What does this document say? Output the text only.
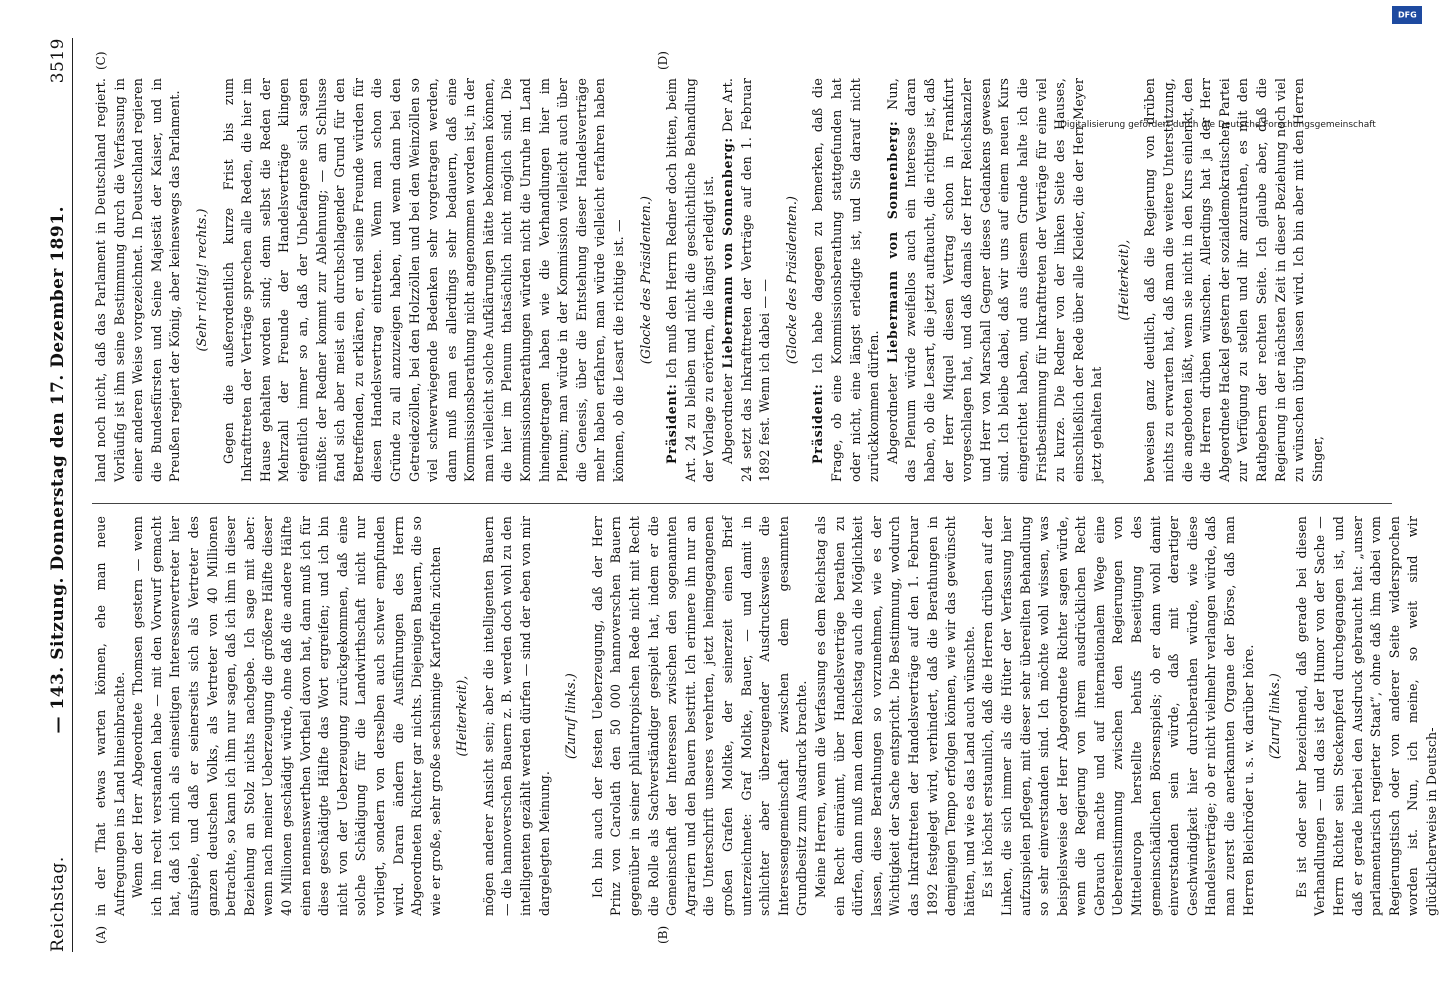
Reichstag.
— 143. Sitzung. Donnerstag den 17. Dezember 1891.
3519
(A)	(B)
(C)	(D)

in der That etwas warten können, ehe man neue Aufregungen ins Land hineinbrachte. Wenn der Herr Abgeordnete Thomsen gestern — wenn ich ihn recht verstanden habe — mit den Vorwurf gemacht hat, daß ich mich als einseitigen Interessenvertreter hier aufspiele, und daß er seinerseits sich als Vertreter des ganzen deutschen Volks, als Vertreter von 40 Millionen betrachte, so kann ich ihm nur sagen, daß ich ihm in dieser Beziehung an Stolz nichts nachgebe. Ich sage mit aber: wenn nach meiner Ueberzeugung die größere Hälfte dieser 40 Millionen geschädigt würde, ohne daß die andere Hälfte einen nennenswerthen Vortheil davon hat, dann muß ich für diese geschädigte Hälfte das Wort ergreifen; und ich bin nicht von der Ueberzeugung zurückgekommen, daß eine solche Schädigung für die Landwirthschaft nicht nur vorliegt, sondern von derselben auch schwer empfunden wird. Daran ändern die Ausführungen des Herrn Abgeordneten Richter gar nichts. Diejenigen Bauern, die so wie er große, sehr große sechsinnige Kartoffeln züchten (Heiterkeit), mögen anderer Ansicht sein; aber die intelligenten Bauern — die hannoverschen Bauern z. B. werden doch wohl zu den intelligenten gezählt werden dürfen — sind der eben von mir dargelegten Meinung.

(Zuruf links.) Ich bin auch der festen Ueberzeugung, daß der Herr Prinz von Carolath den 50 000 hannoverschen Bauern gegenüber in seiner philantropischen Rede nicht mit Recht die Rolle als Sachverständiger gespielt hat, indem er die Gemeinschaft der Interessen zwischen den sogenannten Agrariern und den Bauern bestritt. Ich erinnere ihn nur an die Unterschrift unseres verehrten, jetzt heimgegangenen großen Grafen Moltke, der seinerzeit einen Brief unterzeichnete: Graf Moltke, Bauer, — und damit in schlichter aber überzeugender Ausdrucksweise die Interessengemeinschaft zwischen dem gesammten Grundbesitz zum Ausdruck brachte. Meine Herren, wenn die Verfassung es dem Reichstag als ein Recht einräumt, über Handelsverträge berathen zu dürfen, dann muß man dem Reichstag auch die Möglichkeit lassen, diese Berathungen so vorzunehmen, wie es der Wichtigkeit der Sache entspricht. Die Bestimmung, wodurch das Inkrafttreten der Handelsverträge auf den 1. Februar 1892 festgelegt wird, verhindert, daß die Berathungen in demjenigen Tempo erfolgen können, wie wir das gewünscht hätten, und wie es das Land auch wünschte. Es ist höchst erstaunlich, daß die Herren drüben auf der Linken, die sich immer als die Hüter der Verfassung hier aufzuspielen pflegen, mit dieser sehr übereilten Behandlung so sehr einverstanden sind. Ich möchte wohl wissen, was beispielsweise der Herr Abgeordnete Richter sagen würde, wenn die Regierung von ihrem ausdrücklichen Recht Gebrauch machte und auf internationalem Wege eine Uebereinstimmung zwischen den Regierungen von Mitteleuropa herstellte behufs Beseitigung des gemeinschädlichen Börsenspiels; ob er dann wohl damit einverstanden sein würde, daß mit derartiger Geschwindigkeit hier durchberathen würde, wie diese Handelsverträge; ob er nicht vielmehr verlangen würde, daß man zuerst die anerkannten Organe der Börse, daß man Herren Bleichröder u. s. w. darüber höre. (Zuruf links.) Es ist oder sehr bezeichnend, daß gerade bei diesen Verhandlungen — und das ist der Humor von der Sache — Herrn Richter sein Steckenpferd durchgegangen ist, und daß er gerade hierbei den Ausdruck gebraucht hat: „unser parlamentarisch regierter Staat“, ohne daß ihm dabei vom Regierungstisch oder von anderer Seite widersprochen worden ist. Nun, ich meine, so weit sind wir glücklicherweise in Deutsch-

land noch nicht, daß das Parlament in Deutschland regiert. Vorläufig ist ihm seine Bestimmung durch die Verfassung in einer anderen Weise vorgezeichnet. In Deutschland regieren die Bundesfürsten und Seine Majestät der Kaiser, und in Preußen regiert der König, aber keineswegs das Parlament. (Sehr richtig! rechts.) Gegen die außerordentlich kurze Frist bis zum Inkrafttreten der Verträge sprechen alle Reden, die hier im Hause gehalten worden sind; denn selbst die Reden der Mehrzahl der Freunde der Handelsverträge klingen eigentlich immer so an, daß der Unbefangene sich sagen müßte: der Redner kommt zur Ablehnung; — am Schlusse fand sich aber meist ein durchschlagender Grund für den Betreffenden, zu erklären, er und seine Freunde würden für diesen Handelsvertrag eintreten. Wenn man schon die Gründe zu all anzuzeigen haben, und wenn dann bei den Getreidezöllen, bei den Holzzöllen und bei den Weinzöllen so viel schwerwiegende Bedenken sehr vorgetragen werden, dann muß man es allerdings sehr bedauern, daß eine Kommissionsberathung nicht angenommen worden ist, in der man vielleicht solche Aufklärungen hätte bekommen können, die hier im Plenum thatsächlich nicht möglich sind. Die Kommissionsberathungen würden nicht die Unruhe im Land hineingetragen haben wie die Verhandlungen hier im Plenum; man würde in der Kommission vielleicht auch über die Genesis, über die Entstehung dieser Handelsverträge mehr haben erfahren, man würde vielleicht erfahren haben können, ob die Lesart die richtige ist. — (Glocke des Präsidenten.)

Präsident: Ich muß den Herrn Redner doch bitten, beim Art. 24 zu bleiben und nicht die geschichtliche Behandlung der Vorlage zu erörtern, die längst erledigt ist. Abgeordneter Liebermann von Sonnenberg: Der Art. 24 setzt das Inkrafttreten der Verträge auf den 1. Februar 1892 fest. Wenn ich dabei — — (Glocke des Präsidenten.)

Präsident: Ich habe dagegen zu bemerken, daß die Frage, ob eine Kommissionsberathung stattgefunden hat oder nicht, eine längst erledigte ist, und Sie darauf nicht zurückkommen dürfen. Abgeordneter Liebermann von Sonnenberg: Nun, das Plenum würde zweifellos auch ein Interesse daran haben, ob die Lesart, die jetzt auftaucht, die richtige ist, daß der Herr Miquel diesen Vertrag schon in Frankfurt vorgeschlagen hat, und daß damals der Herr Reichskanzler und Herr von Marschall Gegner dieses Gedankens gewesen sind. Ich bleibe dabei, daß wir uns auf einem neuen Kurs eingerichtet haben, und aus diesem Grunde halte ich die Fristbestimmung für Inkrafttreten der Verträge für eine viel zu kurze. Die Redner von der linken Seite des Hauses, einschließlich der Rede über alle Kleider, die der Herr Meyer jetzt gehalten hat

(Heiterkeit), beweisen ganz deutlich, daß die Regierung von drüben nichts zu erwarten hat, daß man die weitere Unterstützung, die angeboten läßt, wenn sie nicht in den Kurs einlenkt, den die Herren drüben wünschen. Allerdings hat ja der Herr Abgeordnete Hackel gestern der sozialdemokratischen Partei zur Verfügung zu stellen und ihr anzurathen, es mit den Rathgebern der rechten Seite. Ich glaube aber, daß die Regierung in der nächsten Zeit in dieser Beziehung noch viel zu wünschen übrig lassen wird. Ich bin aber mit den Herren Singer,

Digitalisierung gefördert durch die Deutsche Forschungsgemeinschaft
DFG
